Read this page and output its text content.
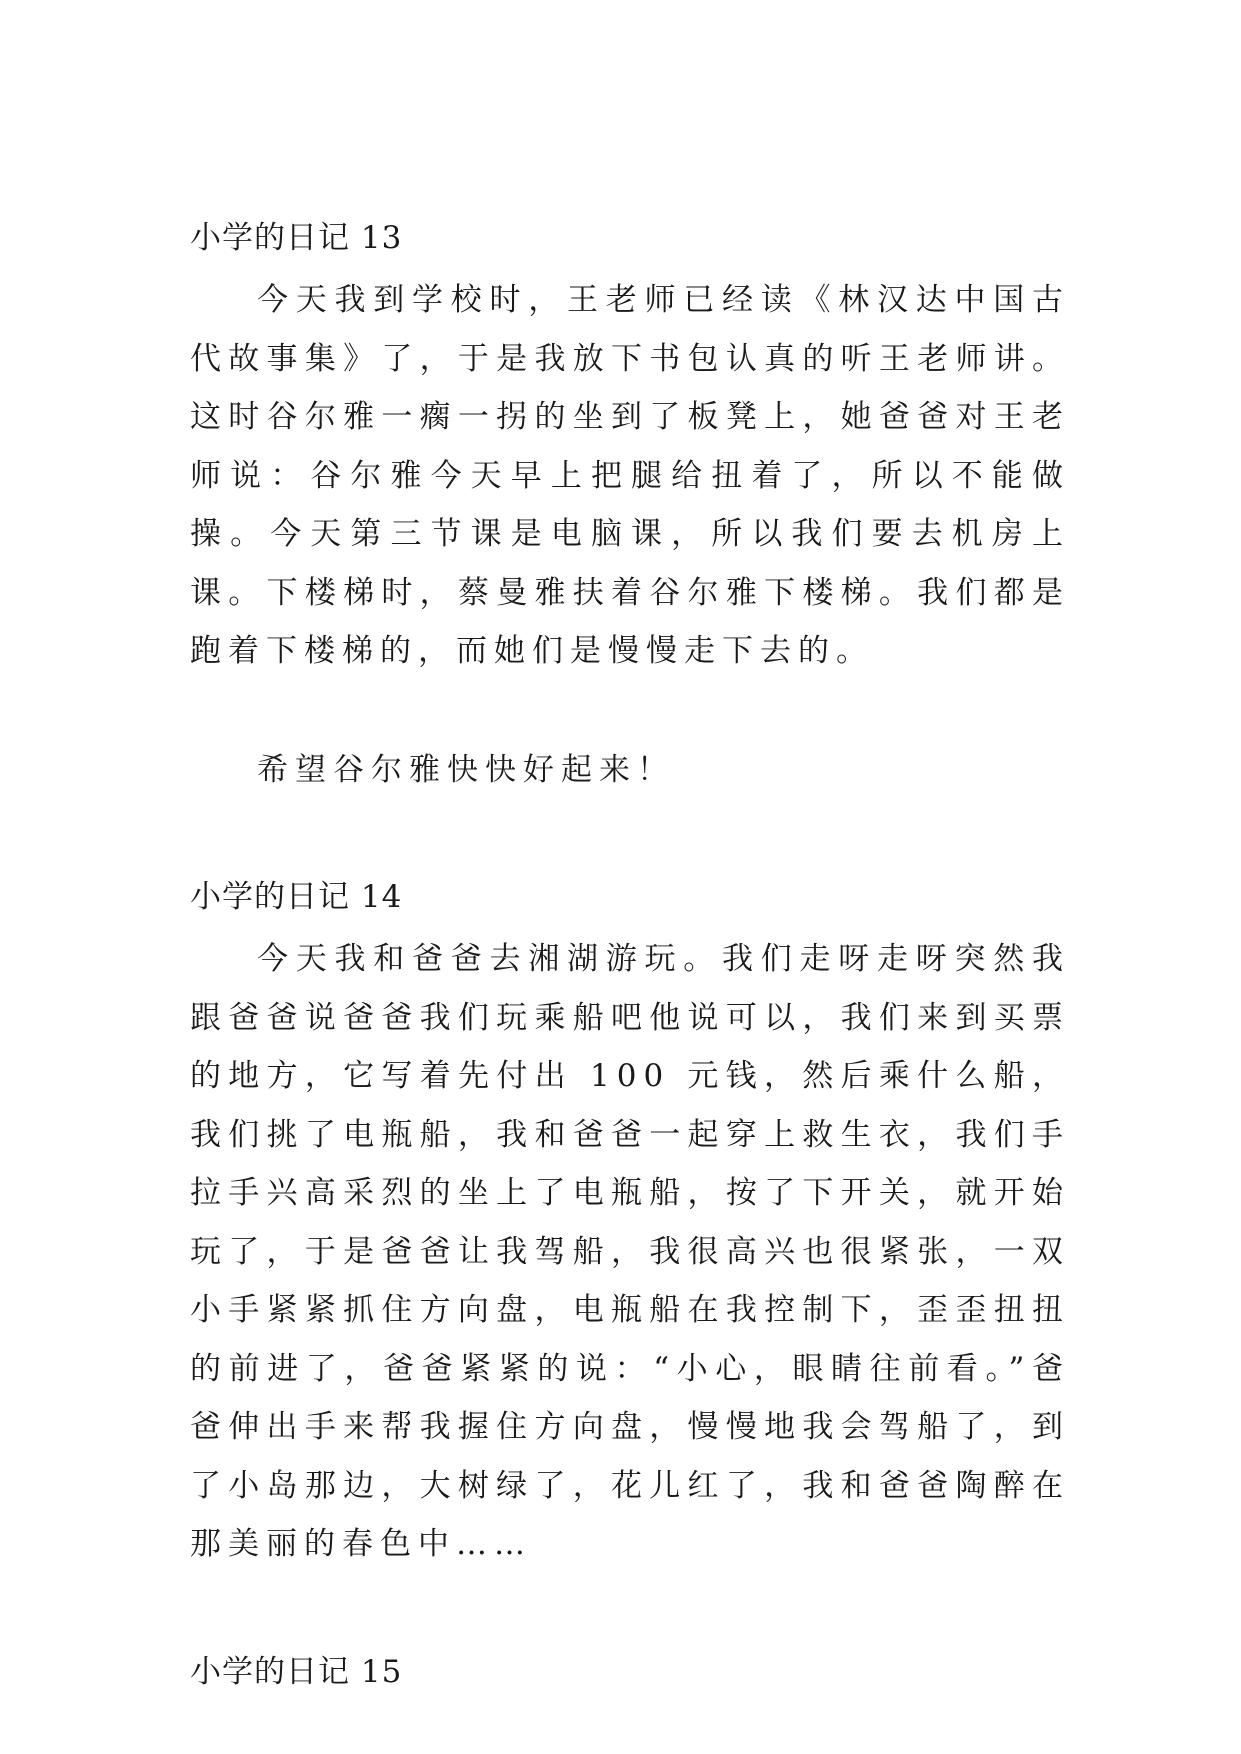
小学的日记 13

今天我到学校时，王老师已经读《林汉达中国古代故事集》了，于是我放下书包认真的听王老师讲。这时谷尔雅一瘸一拐的坐到了板凳上，她爸爸对王老师说：谷尔雅今天早上把腿给扭着了，所以不能做操。今天第三节课是电脑课，所以我们要去机房上课。下楼梯时，蔡曼雅扶着谷尔雅下楼梯。我们都是跑着下楼梯的，而她们是慢慢走下去的。

希望谷尔雅快快好起来！

小学的日记 14

今天我和爸爸去湘湖游玩。我们走呀走呀突然我跟爸爸说爸爸我们玩乘船吧他说可以，我们来到买票的地方，它写着先付出 100 元钱，然后乘什么船，我们挑了电瓶船，我和爸爸一起穿上救生衣，我们手拉手兴高采烈的坐上了电瓶船，按了下开关，就开始玩了，于是爸爸让我驾船，我很高兴也很紧张，一双小手紧紧抓住方向盘，电瓶船在我控制下，歪歪扭扭的前进了，爸爸紧紧的说：“小心，眼睛往前看。”爸爸伸出手来帮我握住方向盘，慢慢地我会驾船了，到了小岛那边，大树绿了，花儿红了，我和爸爸陶醉在那美丽的春色中……

小学的日记 15
